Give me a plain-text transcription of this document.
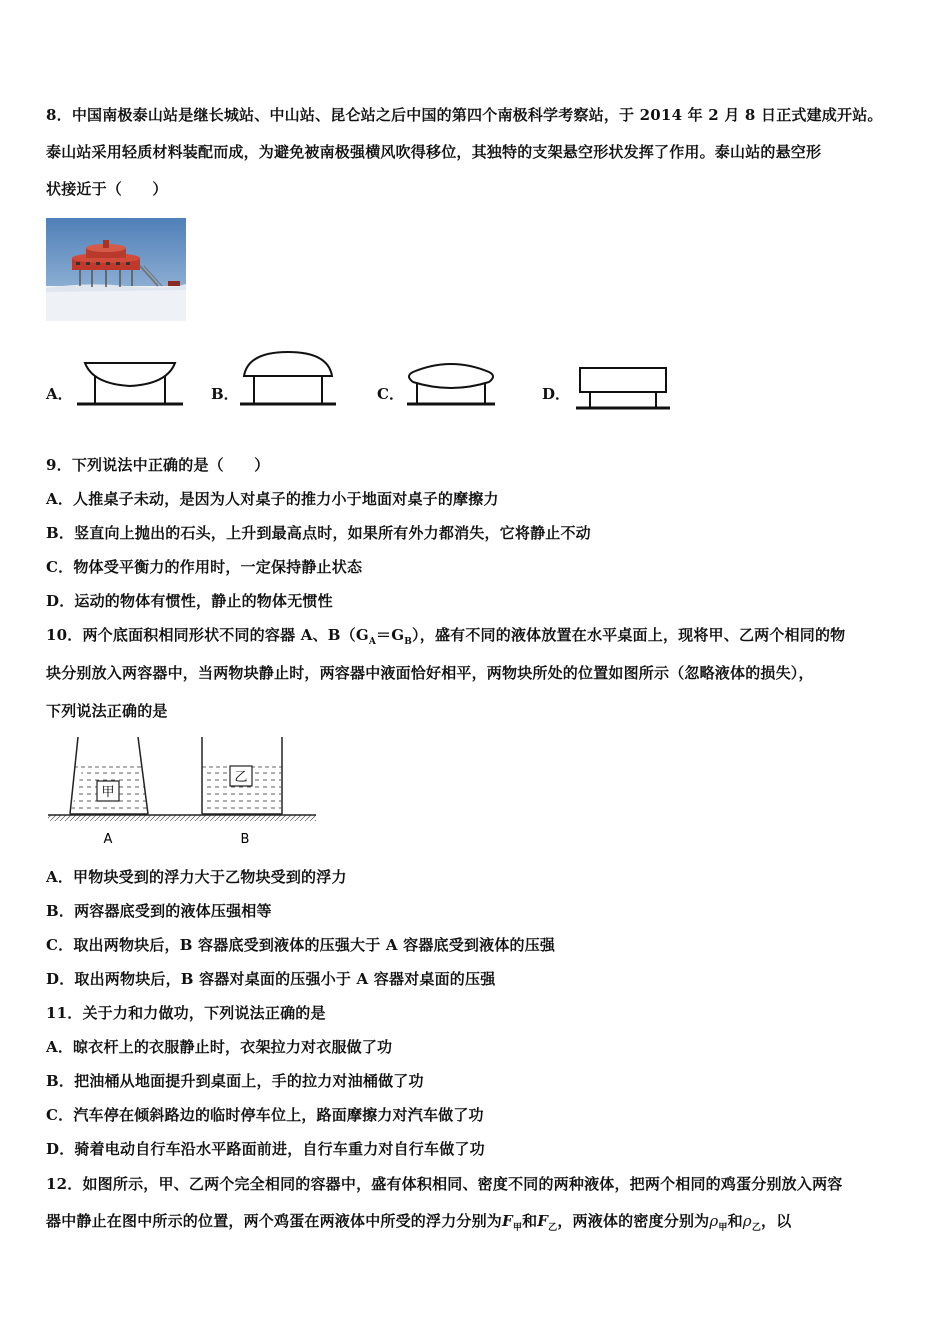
8．中国南极泰山站是继长城站、中山站、昆仑站之后中国的第四个南极科学考察站，于 2014 年 2 月 8 日正式建成开站。
泰山站采用轻质材料装配而成，为避免被南极强横风吹得移位，其独特的支架悬空形状发挥了作用。泰山站的悬空形
状接近于（　　）
A．	B．	C．	D．
9．下列说法中正确的是（　　）
A．人推桌子未动，是因为人对桌子的推力小于地面对桌子的摩擦力
B．竖直向上抛出的石头，上升到最高点时，如果所有外力都消失，它将静止不动
C．物体受平衡力的作用时，一定保持静止状态
D．运动的物体有惯性，静止的物体无惯性
10．两个底面积相同形状不同的容器 A、$B(G_A=G_B)$，盛有不同的液体放置在水平桌面上，现将甲、乙两个相同的物
块分别放入两容器中，当两物块静止时，两容器中液面恰好相平，两物块所处的位置如图所示（忽略液体的损失），
下列说法正确的是
甲
乙
A	B
A．甲物块受到的浮力大于乙物块受到的浮力
B．两容器底受到的液体压强相等
C．取出两物块后，B 容器底受到液体的压强大于 A 容器底受到液体的压强
D．取出两物块后，B 容器对桌面的压强小于 A 容器对桌面的压强
11．关于力和力做功，下列说法正确的是
A．晾衣杆上的衣服静止时，衣架拉力对衣服做了功
B．把油桶从地面提升到桌面上，手的拉力对油桶做了功
C．汽车停在倾斜路边的临时停车位上，路面摩擦力对汽车做了功
D．骑着电动自行车沿水平路面前进，自行车重力对自行车做了功
12．如图所示，甲、乙两个完全相同的容器中，盛有体积相同、密度不同的两种液体，把两个相同的鸡蛋分别放入两容
器中静止在图中所示的位置，两个鸡蛋在两液体中所受的浮力分别为$F_甲$和$F_乙$，两液体的密度分别为$\rho_甲$和$\rho_乙$，以
